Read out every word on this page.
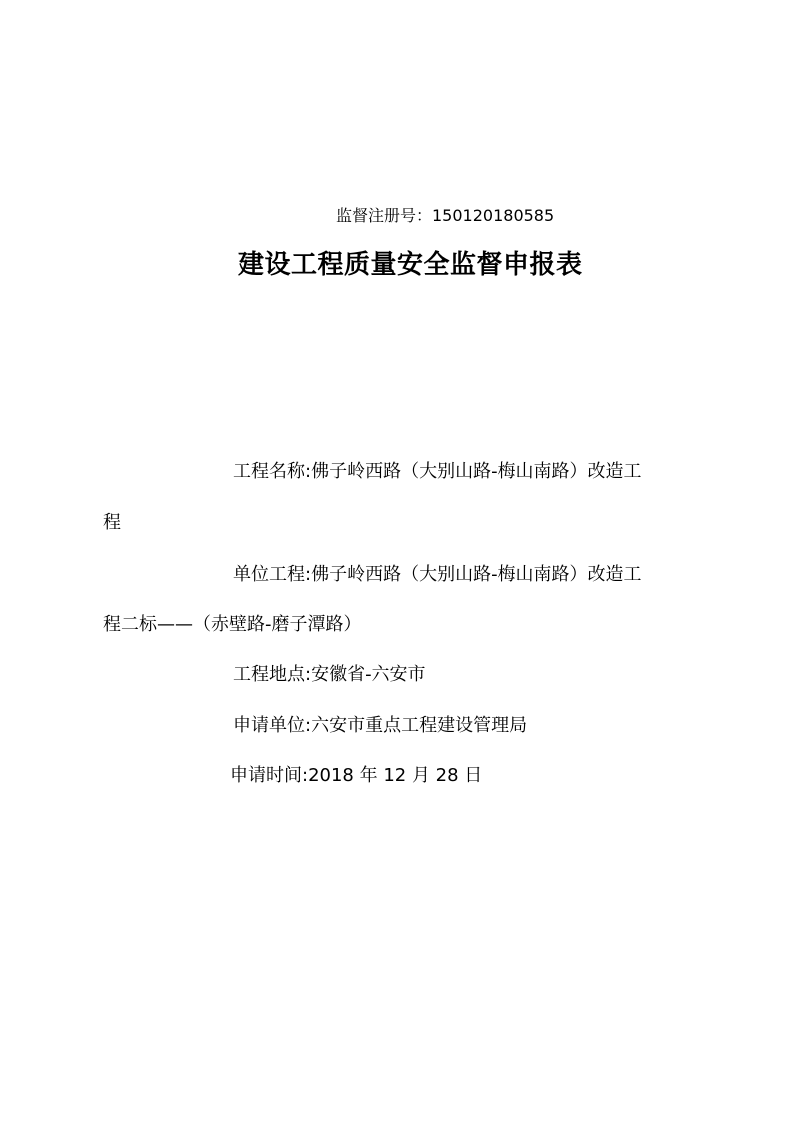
监督注册号：150120180585
建设工程质量安全监督申报表
工程名称:佛子岭西路（大别山路-梅山南路）改造工
程
单位工程:佛子岭西路（大别山路-梅山南路）改造工
程二标——（赤壁路-磨子潭路）
工程地点:安徽省-六安市
申请单位:六安市重点工程建设管理局
申请时间:2018 年 12 月 28 日
